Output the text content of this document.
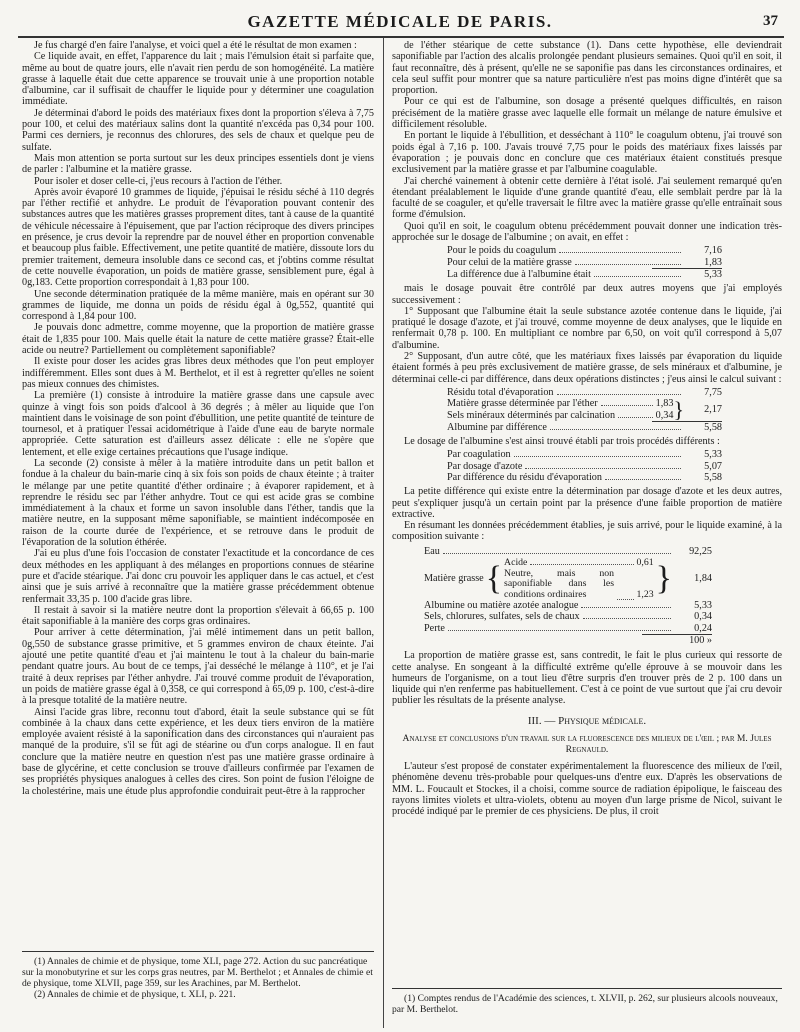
GAZETTE MÉDICALE DE PARIS.	37

Je fus chargé d'en faire l'analyse, et voici quel a été le résultat de mon examen :

Ce liquide avait, en effet, l'apparence du lait ; mais l'émulsion était si parfaite que, même au bout de quatre jours, elle n'avait rien perdu de son homogénéité. La matière grasse à laquelle était due cette apparence se trouvait unie à une proportion notable d'albumine, car il suffisait de chauffer le liquide pour y déterminer une coagulation immédiate.

Je déterminai d'abord le poids des matériaux fixes dont la proportion s'éleva à 7,75 pour 100, et celui des matériaux salins dont la quantité n'excéda pas 0,34 pour 100. Parmi ces derniers, je reconnus des chlorures, des sels de chaux et quelque peu de sulfate.

Mais mon attention se porta surtout sur les deux principes essentiels dont je viens de parler : l'albumine et la matière grasse.

Pour isoler et doser celle-ci, j'eus recours à l'action de l'éther.

Après avoir évaporé 10 grammes de liquide, j'épuisai le résidu séché à 110 degrés par l'éther rectifié et anhydre. Le produit de l'évaporation pouvant contenir des substances autres que les matières grasses proprement dites, tant à cause de la quantité de véhicule nécessaire à l'épuisement, que par l'action réciproque des divers principes en présence, je crus devoir la reprendre par de nouvel éther en proportion convenable et beaucoup plus faible. Effectivement, une petite quantité de matière, dissoute lors du premier traitement, demeura insoluble dans ce second cas, et j'obtins comme résultat de cette nouvelle évaporation, un poids de matière grasse, sensiblement pure, égal à 0g,183. Cette proportion correspondait à 1,83 pour 100.

Une seconde détermination pratiquée de la même manière, mais en opérant sur 30 grammes de liquide, me donna un poids de résidu égal à 0g,552, quantité qui correspond à 1,84 pour 100.

Je pouvais donc admettre, comme moyenne, que la proportion de matière grasse était de 1,835 pour 100. Mais quelle était la nature de cette matière grasse? Était-elle acide ou neutre? Partiellement ou complètement saponifiable?

Il existe pour doser les acides gras libres deux méthodes que l'on peut employer indifféremment. Elles sont dues à M. Berthelot, et il est à regretter qu'elles ne soient pas mieux connues des chimistes.

La première (1) consiste à introduire la matière grasse dans une capsule avec quinze à vingt fois son poids d'alcool à 36 degrés ; à mêler au liquide que l'on maintient dans le voisinage de son point d'ébullition, une petite quantité de teinture de tournesol, et à pratiquer l'essai acidométrique à l'aide d'une eau de baryte normale appropriée. Cette saturation est d'ailleurs assez délicate : elle ne s'opère que lentement, et elle exige certaines précautions que l'usage indique.

La seconde (2) consiste à mêler à la matière introduite dans un petit ballon et fondue à la chaleur du bain-marie cinq à six fois son poids de chaux éteinte ; à traiter le mélange par une petite quantité d'éther ordinaire ; à évaporer rapidement, et à reprendre le résidu sec par l'éther anhydre. Tout ce qui est acide gras se combine immédiatement à la chaux et forme un savon insoluble dans l'éther, tandis que la matière neutre, en la supposant même saponifiable, se maintient indécomposée en raison de la courte durée de l'expérience, et se retrouve dans le produit de l'évaporation de la solution éthérée.

J'ai eu plus d'une fois l'occasion de constater l'exactitude et la concordance de ces deux méthodes en les appliquant à des mélanges en proportions connues de stéarine pure et d'acide stéarique. J'ai donc cru pouvoir les appliquer dans le cas actuel, et c'est ainsi que je suis arrivé à reconnaître que la matière grasse précédemment obtenue renfermait 33,35 p. 100 d'acide gras libre.

Il restait à savoir si la matière neutre dont la proportion s'élevait à 66,65 p. 100 était saponifiable à la manière des corps gras ordinaires.

Pour arriver à cette détermination, j'ai mêlé intimement dans un petit ballon, 0g,550 de substance grasse primitive, et 5 grammes environ de chaux éteinte. J'ai ajouté une petite quantité d'eau et j'ai maintenu le tout à la chaleur du bain-marie pendant quatre jours. Au bout de ce temps, j'ai desséché le mélange à 110°, et je l'ai traité à deux reprises par l'éther anhydre. J'ai trouvé comme produit de l'évaporation, un poids de matière grasse égal à 0,358, ce qui correspond à 65,09 p. 100, c'est-à-dire à la presque totalité de la matière neutre.

Ainsi l'acide gras libre, reconnu tout d'abord, était la seule substance qui se fût combinée à la chaux dans cette expérience, et les deux tiers environ de la matière employée avaient résisté à la saponification dans des circonstances qui n'auraient pas manqué de la produire, s'il se fût agi de stéarine ou d'un corps analogue. Il en faut conclure que la matière neutre en question n'est pas une matière grasse ordinaire à base de glycérine, et cette conclusion se trouve d'ailleurs confirmée par l'examen de ses propriétés physiques analogues à celles des cires. Son point de fusion l'éloigne de la cholestérine, mais une étude plus approfondie conduirait peut-être à la rapprocher

(1) Annales de chimie et de physique, tome XLI, page 272. Action du suc pancréatique sur la monobutyrine et sur les corps gras neutres, par M. Berthelot ; et Annales de chimie et de physique, tome XLVII, page 359, sur les Arachines, par M. Berthelot.

(2) Annales de chimie et de physique, t. XLI, p. 221.

de l'éther stéarique de cette substance (1). Dans cette hypothèse, elle deviendrait saponifiable par l'action des alcalis prolongée pendant plusieurs semaines. Quoi qu'il en soit, il faut reconnaître, dès à présent, qu'elle ne se saponifie pas dans les circonstances ordinaires, et cela seul suffit pour montrer que sa nature particulière n'est pas moins digne d'intérêt que sa proportion.

Pour ce qui est de l'albumine, son dosage a présenté quelques difficultés, en raison précisément de la matière grasse avec laquelle elle formait un mélange de nature émulsive et difficilement résoluble.

En portant le liquide à l'ébullition, et desséchant à 110° le coagulum obtenu, j'ai trouvé son poids égal à 7,16 p. 100. J'avais trouvé 7,75 pour le poids des matériaux fixes laissés par évaporation ; je pouvais donc en conclure que ces matériaux étaient constitués presque exclusivement par la matière grasse et par l'albumine coagulable.

J'ai cherché vainement à obtenir cette dernière à l'état isolé. J'ai seulement remarqué qu'en étendant préalablement le liquide d'une grande quantité d'eau, elle semblait perdre par là la faculté de se coaguler, et qu'elle traversait le filtre avec la matière grasse qu'elle entraînait sous forme d'émulsion.

Quoi qu'il en soit, le coagulum obtenu précédemment pouvait donner une indication très-approchée sur le dosage de l'albumine ; on avait, en effet :

Pour le poids du coagulum	7,16
Pour celui de la matière grasse	1,83
La différence due à l'albumine était	5,33

mais le dosage pouvait être contrôlé par deux autres moyens que j'ai employés successivement :

1° Supposant que l'albumine était la seule substance azotée contenue dans le liquide, j'ai pratiqué le dosage d'azote, et j'ai trouvé, comme moyenne de deux analyses, que le liquide en renfermait 0,78 p. 100. En multipliant ce nombre par 6,50, on voit qu'il correspond à 5,07 d'albumine.

2° Supposant, d'un autre côté, que les matériaux fixes laissés par évaporation du liquide étaient formés à peu près exclusivement de matière grasse, de sels minéraux et d'albumine, je déterminai celle-ci par différence, dans deux opérations distinctes ; j'eus ainsi le calcul suivant :

Résidu total d'évaporation	7,75
Matière grasse déterminée par l'éther	1,83
Sels minéraux déterminés par calcination	0,34 }	2,17
Albumine par différence	5,58

Le dosage de l'albumine s'est ainsi trouvé établi par trois procédés différents :

Par coagulation	5,33
Par dosage d'azote	5,07
Par différence du résidu d'évaporation	5,58

La petite différence qui existe entre la détermination par dosage d'azote et les deux autres, peut s'expliquer jusqu'à un certain point par la présence d'une faible proportion de matière extractive.

En résumant les données précédemment établies, je suis arrivé, pour le liquide examiné, à la composition suivante :

Eau	92,25
Matière grasse { Acide	0,61
Neutre, mais non saponifiable dans les conditions ordinaires	1,23 }	1,84
Albumine ou matière azotée analogue	5,33
Sels, chlorures, sulfates, sels de chaux	0,34
Perte	0,24
100 »

La proportion de matière grasse est, sans contredit, le fait le plus curieux qui ressorte de cette analyse. En songeant à la difficulté extrême qu'elle éprouve à se mouvoir dans les humeurs de l'organisme, on a tout lieu d'être surpris d'en trouver près de 2 p. 100 dans un liquide qui n'en renferme pas habituellement. C'est à ce point de vue surtout que j'ai cru devoir publier les résultats de la présente analyse.

III. — Physique médicale.
Analyse et conclusions d'un travail sur la fluorescence des milieux de l'œil ; par M. Jules Regnauld.

L'auteur s'est proposé de constater expérimentalement la fluorescence des milieux de l'œil, phénomène devenu très-probable pour quelques-uns d'entre eux. D'après les observations de MM. L. Foucault et Stockes, il a choisi, comme source de radiation épipolique, le faisceau des rayons limites violets et ultra-violets, obtenu au moyen d'un large prisme de Nicol, suivant le procédé indiqué par le premier de ces physiciens. De plus, il croit

(1) Comptes rendus de l'Académie des sciences, t. XLVII, p. 262, sur plusieurs alcools nouveaux, par M. Berthelot.
